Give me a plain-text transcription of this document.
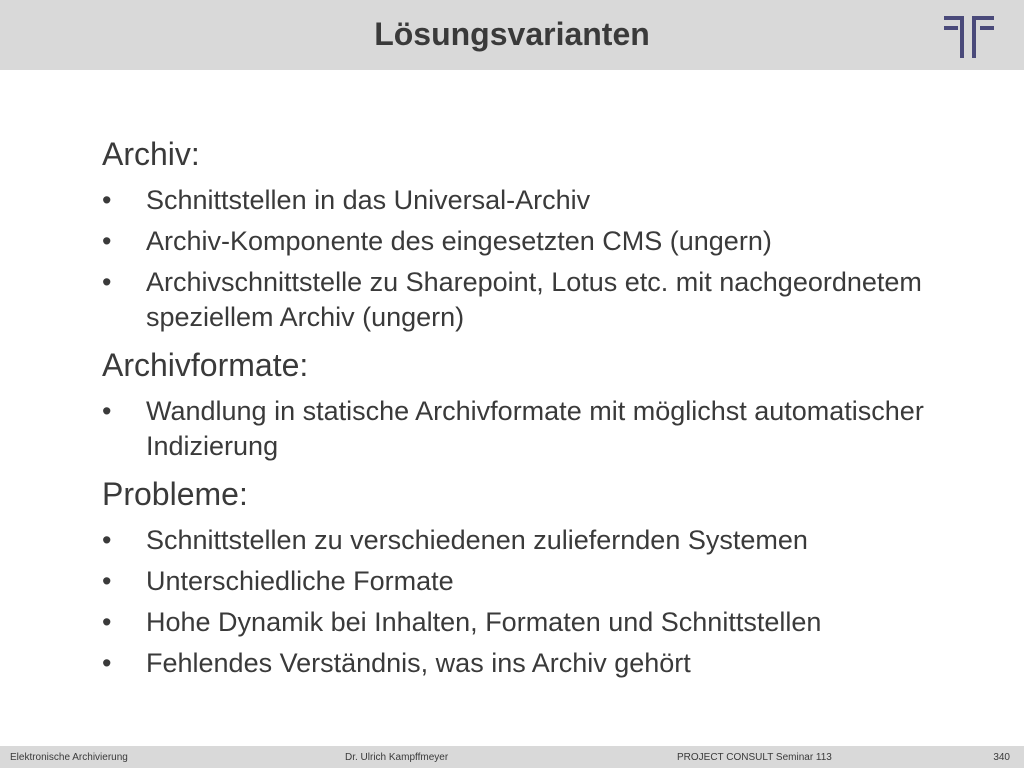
Lösungsvarianten
Archiv:
• Schnittstellen in das Universal-Archiv
• Archiv-Komponente des eingesetzten CMS (ungern)
• Archivschnittstelle zu Sharepoint, Lotus etc. mit nachgeordnetem speziellem Archiv (ungern)
Archivformate:
• Wandlung in statische Archivformate mit möglichst automatischer Indizierung
Probleme:
• Schnittstellen zu verschiedenen zuliefernden Systemen
• Unterschiedliche Formate
• Hohe Dynamik bei Inhalten, Formaten und Schnittstellen
• Fehlendes Verständnis, was ins Archiv gehört
Elektronische Archivierung	Dr. Ulrich Kampffmeyer	PROJECT CONSULT Seminar 113	340
